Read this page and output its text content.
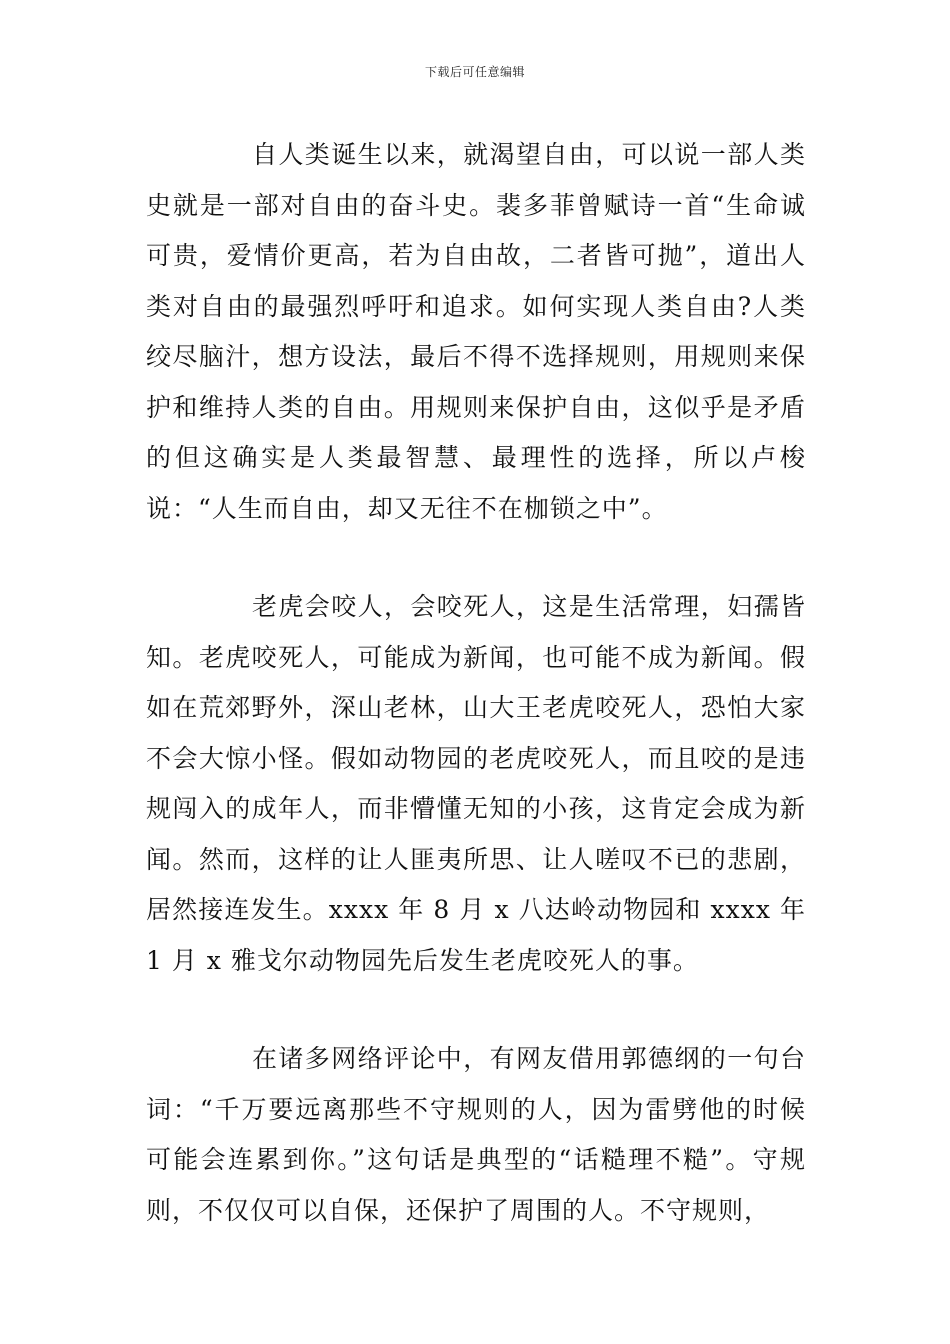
下载后可任意编辑

自人类诞生以来，就渴望自由，可以说一部人类史就是一部对自由的奋斗史。裴多菲曾赋诗一首“生命诚可贵，爱情价更高，若为自由故，二者皆可抛”，道出人类对自由的最强烈呼吁和追求。如何实现人类自由?人类绞尽脑汁，想方设法，最后不得不选择规则，用规则来保护和维持人类的自由。用规则来保护自由，这似乎是矛盾的但这确实是人类最智慧、最理性的选择，所以卢梭说：“人生而自由，却又无往不在枷锁之中”。

老虎会咬人，会咬死人，这是生活常理，妇孺皆知。老虎咬死人，可能成为新闻，也可能不成为新闻。假如在荒郊野外，深山老林，山大王老虎咬死人，恐怕大家不会大惊小怪。假如动物园的老虎咬死人，而且咬的是违规闯入的成年人，而非懵懂无知的小孩，这肯定会成为新闻。然而，这样的让人匪夷所思、让人嗟叹不已的悲剧，居然接连发生。xxxx 年 8 月 x 八达岭动物园和 xxxx 年 1 月 x 雅戈尔动物园先后发生老虎咬死人的事。

在诸多网络评论中，有网友借用郭德纲的一句台词：“千万要远离那些不守规则的人，因为雷劈他的时候可能会连累到你。”这句话是典型的“话糙理不糙”。守规则，不仅仅可以自保，还保护了周围的人。不守规则，
